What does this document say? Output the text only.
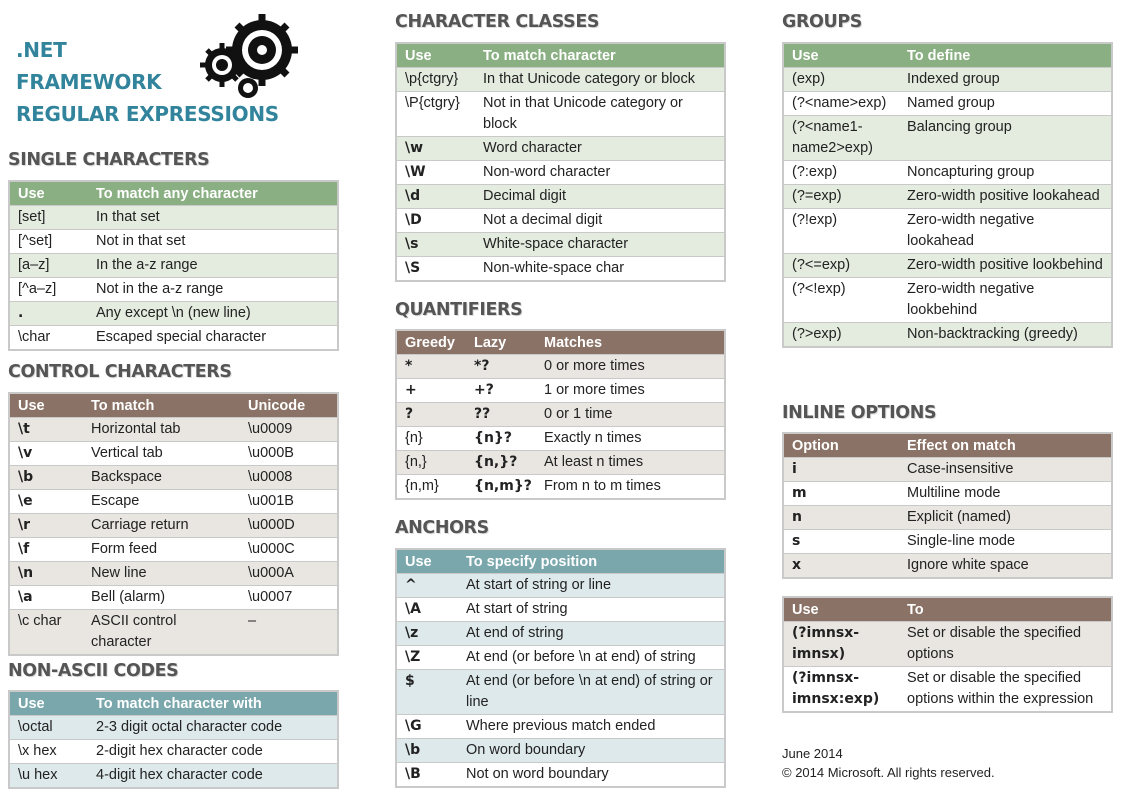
.NET
FRAMEWORK
REGULAR EXPRESSIONS
SINGLE CHARACTERS
Use	To match any character
[set]	In that set
[^set]	Not in that set
[a–z]	In the a-z range
[^a–z]	Not in the a-z range
.	Any except \n (new line)
\char	Escaped special character
CONTROL CHARACTERS
Use	To match	Unicode
\t	Horizontal tab	\u0009
\v	Vertical tab	\u000B
\b	Backspace	\u0008
\e	Escape	\u001B
\r	Carriage return	\u000D
\f	Form feed	\u000C
\n	New line	\u000A
\a	Bell (alarm)	\u0007
\c char	ASCII control character	–
NON-ASCII CODES
Use	To match character with
\octal	2-3 digit octal character code
\x hex	2-digit hex character code
\u hex	4-digit hex character code
CHARACTER CLASSES
Use	To match character
\p{ctgry}	In that Unicode category or block
\P{ctgry}	Not in that Unicode category or block
\w	Word character
\W	Non-word character
\d	Decimal digit
\D	Not a decimal digit
\s	White-space character
\S	Non-white-space char
QUANTIFIERS
Greedy	Lazy	Matches
*	*?	0 or more times
+	+?	1 or more times
?	??	0 or 1 time
{n}	{n}?	Exactly n times
{n,}	{n,}?	At least n times
{n,m}	{n,m}?	From n to m times
ANCHORS
Use	To specify position
^	At start of string or line
\A	At start of string
\z	At end of string
\Z	At end (or before \n at end) of string
$	At end (or before \n at end) of string or line
\G	Where previous match ended
\b	On word boundary
\B	Not on word boundary
GROUPS
Use	To define
(exp)	Indexed group
(?<name>exp)	Named group
(?<name1-name2>exp)	Balancing group
(?:exp)	Noncapturing group
(?=exp)	Zero-width positive lookahead
(?!exp)	Zero-width negative lookahead
(?<=exp)	Zero-width positive lookbehind
(?<!exp)	Zero-width negative lookbehind
(?>exp)	Non-backtracking (greedy)
INLINE OPTIONS
Option	Effect on match
i	Case-insensitive
m	Multiline mode
n	Explicit (named)
s	Single-line mode
x	Ignore white space
Use	To
(?imnsx-imnsx)	Set or disable the specified options
(?imnsx-imnsx:exp)	Set or disable the specified options within the expression
June 2014
© 2014 Microsoft. All rights reserved.
